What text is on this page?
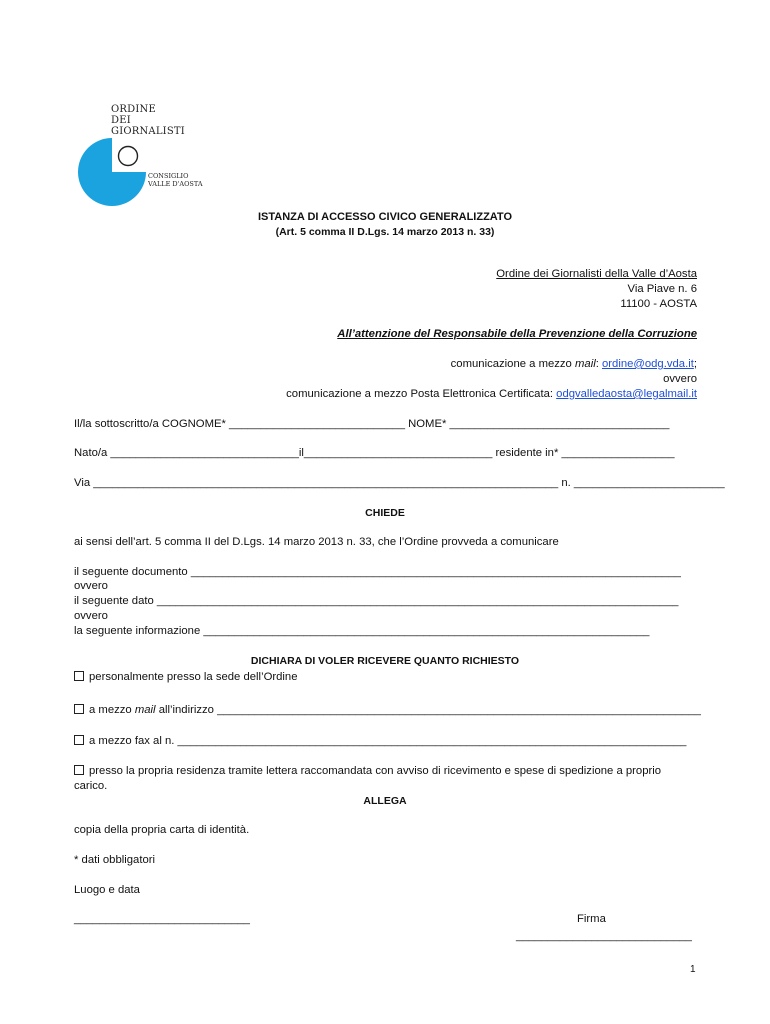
ORDINE
DEI
GIORNALISTI
CONSIGLIO
VALLE D'AOSTA
ISTANZA DI ACCESSO CIVICO GENERALIZZATO
(Art. 5 comma II D.Lgs. 14 marzo 2013 n. 33)
Ordine dei Giornalisti della Valle d’Aosta
Via Piave n. 6
11100 - AOSTA
All’attenzione del Responsabile della Prevenzione della Corruzione
comunicazione a mezzo mail: ordine@odg.vda.it;
ovvero
comunicazione a mezzo Posta Elettronica Certificata: odgvalledaosta@legalmail.it
Il/la sottoscritto/a COGNOME* ____________________________ NOME* ___________________________________
Nato/a ______________________________il______________________________ residente in* __________________
Via __________________________________________________________________________ n. ________________________
CHIEDE
ai sensi dell’art. 5 comma II del D.Lgs. 14 marzo 2013 n. 33, che l’Ordine provveda a comunicare
il seguente documento ______________________________________________________________________________
ovvero
il seguente dato ___________________________________________________________________________________
ovvero
la seguente informazione _______________________________________________________________________
DICHIARA DI VOLER RICEVERE QUANTO RICHIESTO
personalmente presso la sede dell’Ordine
a mezzo mail all’indirizzo _____________________________________________________________________________
a mezzo fax al n. _________________________________________________________________________________
presso la propria residenza tramite lettera raccomandata con avviso di ricevimento e spese di spedizione a proprio
carico.
ALLEGA
copia della propria carta di identità.
* dati obbligatori
Luogo e data
____________________________	Firma
____________________________
1
